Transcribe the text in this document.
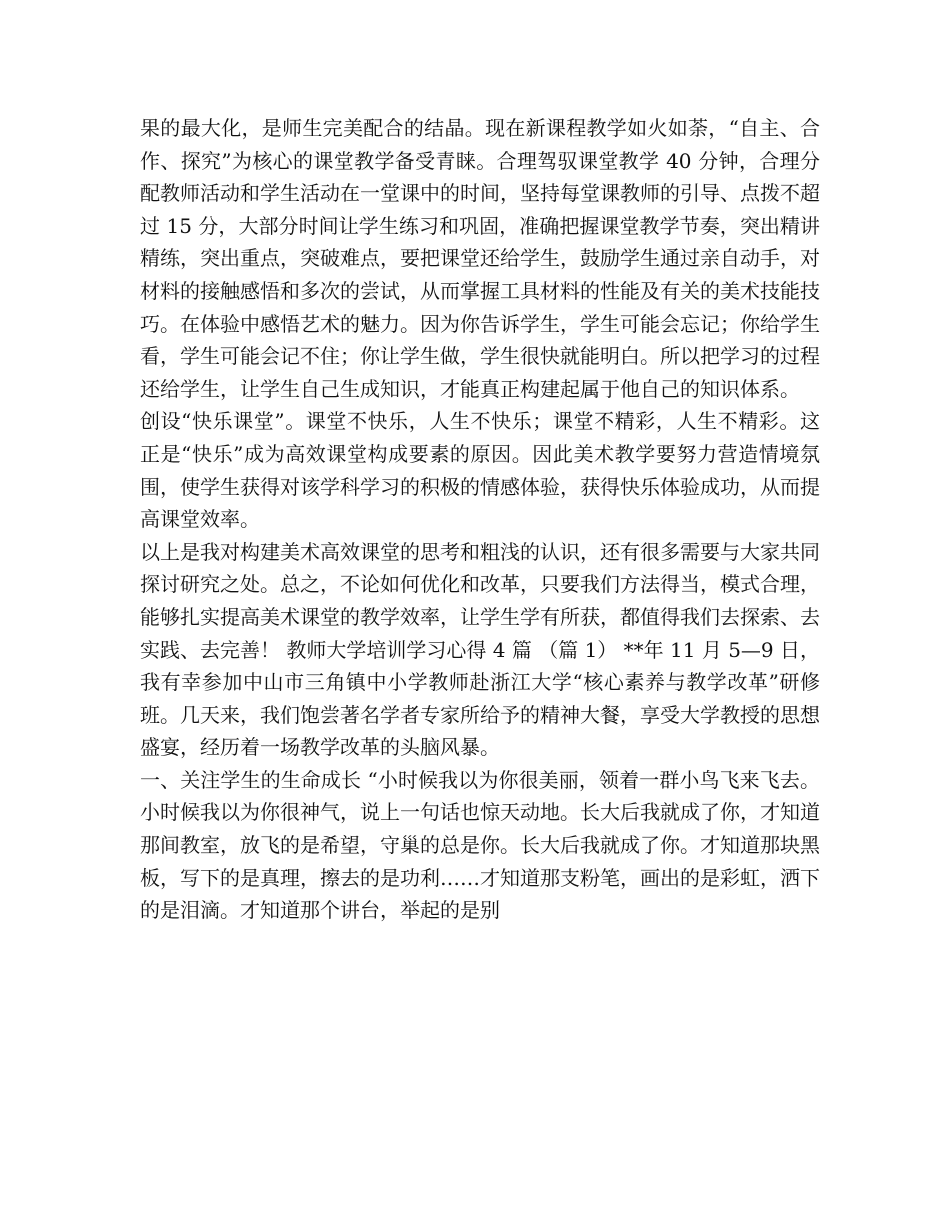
果的最大化，是师生完美配合的结晶。现在新课程教学如火如荼，“自主、合作、探究”为核心的课堂教学备受青睐。合理驾驭课堂教学 40 分钟，合理分配教师活动和学生活动在一堂课中的时间，坚持每堂课教师的引导、点拨不超过 15 分，大部分时间让学生练习和巩固，准确把握课堂教学节奏，突出精讲精练，突出重点，突破难点，要把课堂还给学生，鼓励学生通过亲自动手，对材料的接触感悟和多次的尝试，从而掌握工具材料的性能及有关的美术技能技巧。在体验中感悟艺术的魅力。因为你告诉学生，学生可能会忘记；你给学生看，学生可能会记不住；你让学生做，学生很快就能明白。所以把学习的过程还给学生，让学生自己生成知识，才能真正构建起属于他自己的知识体系。

创设“快乐课堂”。课堂不快乐，人生不快乐；课堂不精彩，人生不精彩。这正是“快乐”成为高效课堂构成要素的原因。因此美术教学要努力营造情境氛围，使学生获得对该学科学习的积极的情感体验，获得快乐体验成功，从而提高课堂效率。

以上是我对构建美术高效课堂的思考和粗浅的认识，还有很多需要与大家共同探讨研究之处。总之，不论如何优化和改革，只要我们方法得当，模式合理，能够扎实提高美术课堂的教学效率，让学生学有所获，都值得我们去探索、去实践、去完善！ 教师大学培训学习心得 4 篇 （篇 1） **年 11 月 5—9 日，我有幸参加中山市三角镇中小学教师赴浙江大学“核心素养与教学改革”研修班。几天来，我们饱尝著名学者专家所给予的精神大餐，享受大学教授的思想盛宴，经历着一场教学改革的头脑风暴。

一、关注学生的生命成长 “小时候我以为你很美丽，领着一群小鸟飞来飞去。小时候我以为你很神气，说上一句话也惊天动地。长大后我就成了你，才知道那间教室，放飞的是希望，守巢的总是你。长大后我就成了你。才知道那块黑板，写下的是真理，擦去的是功利……才知道那支粉笔，画出的是彩虹，洒下的是泪滴。才知道那个讲台，举起的是别
